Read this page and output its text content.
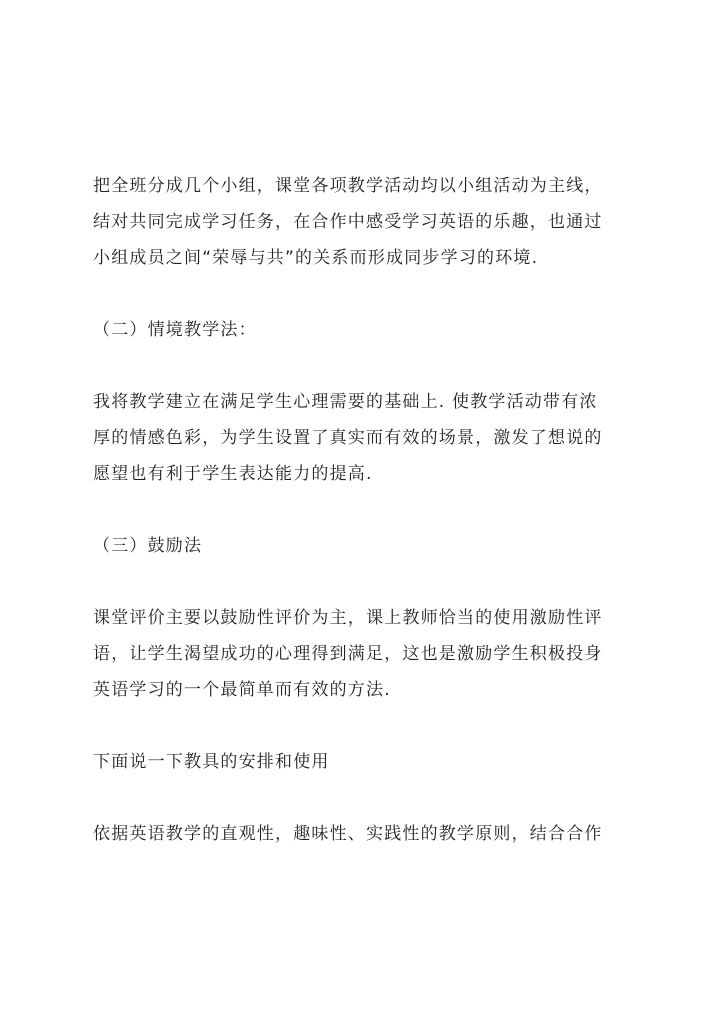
把全班分成几个小组，课堂各项教学活动均以小组活动为主线，
结对共同完成学习任务，在合作中感受学习英语的乐趣，也通过
小组成员之间“荣辱与共”的关系而形成同步学习的环境.

（二）情境教学法：

我将教学建立在满足学生心理需要的基础上. 使教学活动带有浓
厚的情感色彩，为学生设置了真实而有效的场景，激发了想说的
愿望也有利于学生表达能力的提高.

（三）鼓励法

课堂评价主要以鼓励性评价为主，课上教师恰当的使用激励性评
语，让学生渴望成功的心理得到满足，这也是激励学生积极投身
英语学习的一个最简单而有效的方法.

下面说一下教具的安排和使用

依据英语教学的直观性，趣味性、实践性的教学原则，结合合作
